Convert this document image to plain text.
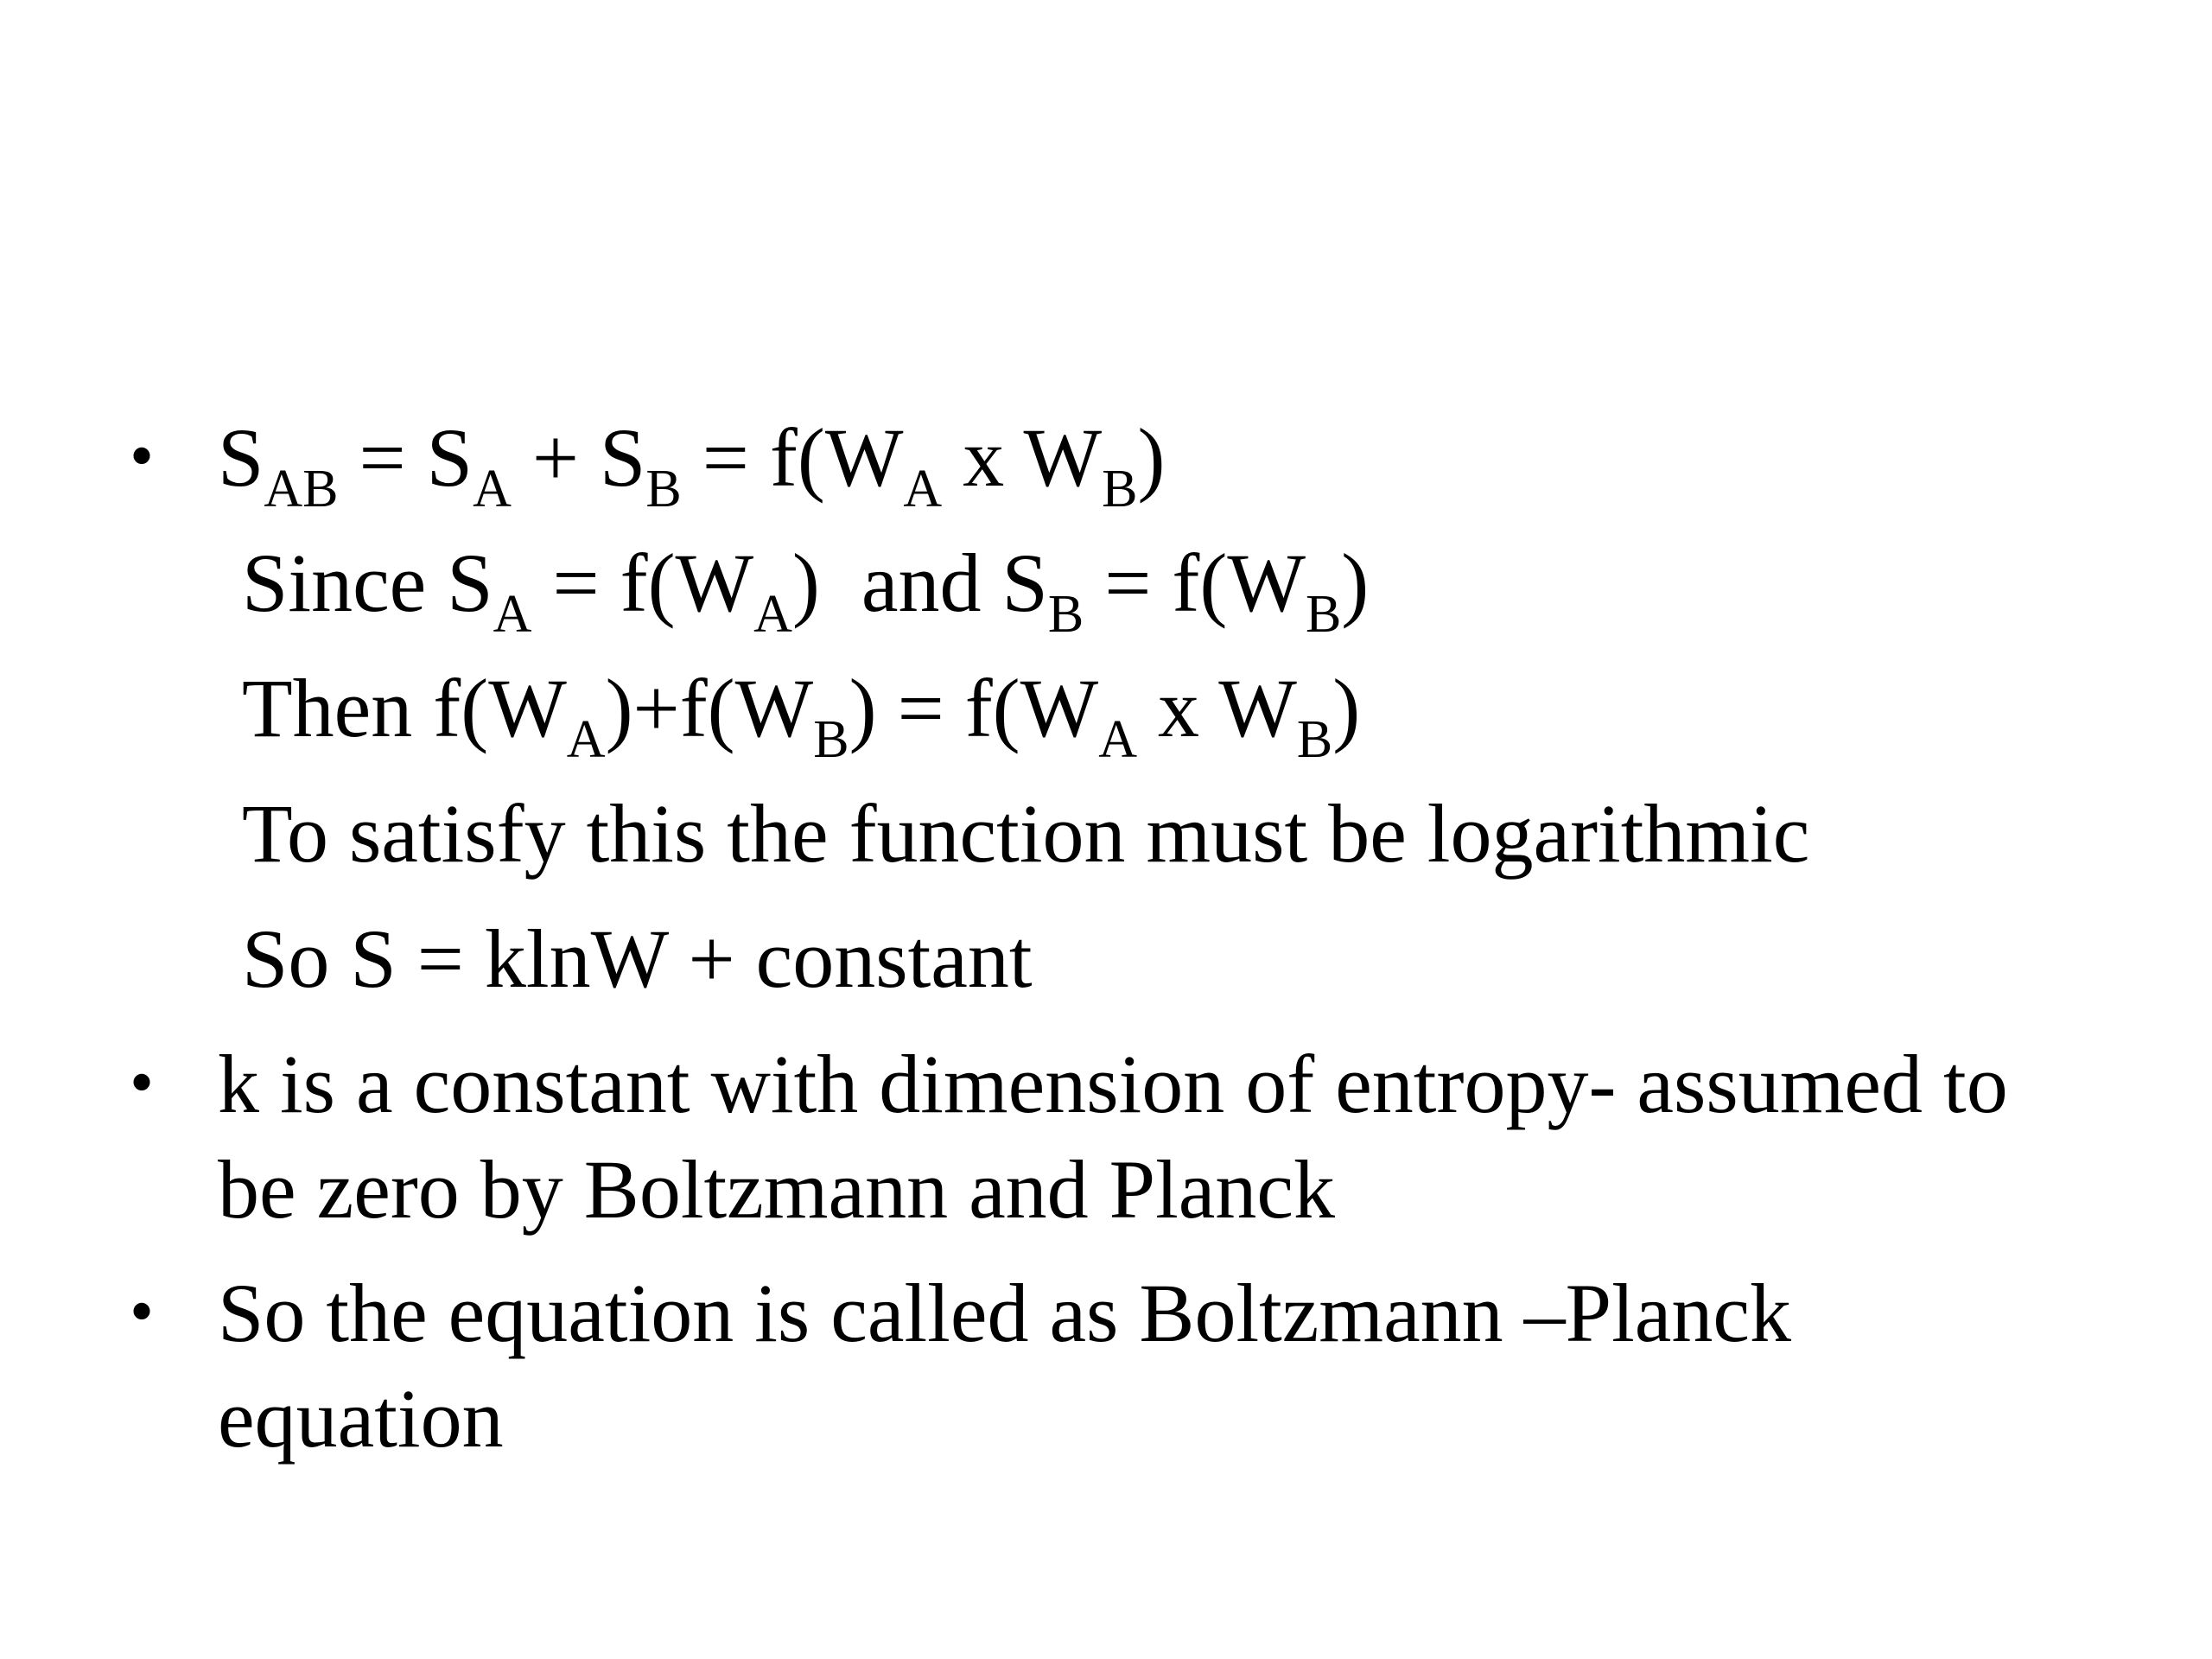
• $S_{AB} = S_A + S_B = f(W_A$ x $W_B$)
Since $S_A = f(W_A)$  and $S_B = f(W_B)$
Then $f(W_A)+f(W_B) = f(W_A$ x $W_B$)
To satisfy this the function must be logarithmic
So S = klnW + constant
• k is a constant with dimension of entropy- assumed to
be zero by Boltzmann and Planck
• So the equation is called as Boltzmann –Planck
equation
